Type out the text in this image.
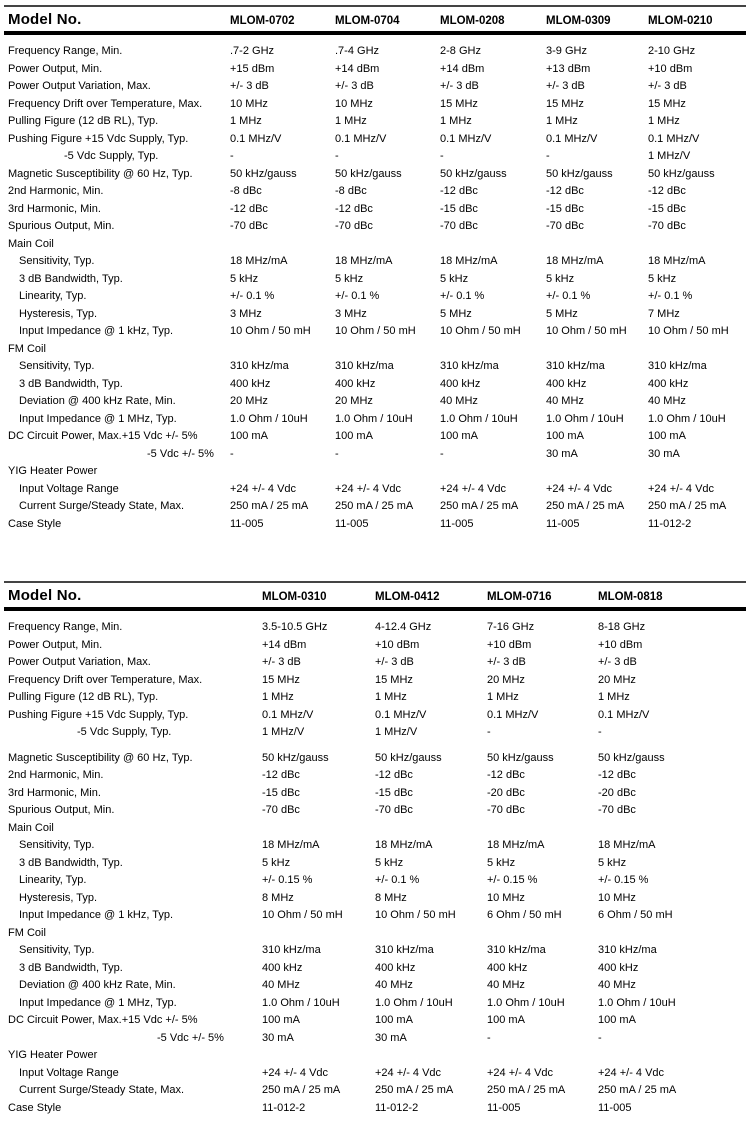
Model No.	MLOM-0702	MLOM-0704	MLOM-0208	MLOM-0309	MLOM-0210
Frequency Range, Min.	.7-2 GHz	.7-4 GHz	2-8 GHz	3-9 GHz	2-10 GHz
Power Output, Min.	+15 dBm	+14 dBm	+14 dBm	+13 dBm	+10 dBm
Power Output Variation, Max.	+/- 3 dB	+/- 3 dB	+/- 3 dB	+/- 3 dB	+/- 3 dB
Frequency Drift over Temperature, Max.	10 MHz	10 MHz	15 MHz	15 MHz	15 MHz
Pulling Figure (12 dB RL), Typ.	1 MHz	1 MHz	1 MHz	1 MHz	1 MHz
Pushing Figure +15 Vdc Supply, Typ.	0.1 MHz/V	0.1 MHz/V	0.1 MHz/V	0.1 MHz/V	0.1 MHz/V
-5 Vdc Supply, Typ.	-	-	-	-	1 MHz/V
Magnetic Susceptibility @ 60 Hz, Typ.	50 kHz/gauss	50 kHz/gauss	50 kHz/gauss	50 kHz/gauss	50 kHz/gauss
2nd Harmonic, Min.	-8 dBc	-8 dBc	-12 dBc	-12 dBc	-12 dBc
3rd Harmonic, Min.	-12 dBc	-12 dBc	-15 dBc	-15 dBc	-15 dBc
Spurious Output, Min.	-70 dBc	-70 dBc	-70 dBc	-70 dBc	-70 dBc
Main Coil
Sensitivity, Typ.	18 MHz/mA	18 MHz/mA	18 MHz/mA	18 MHz/mA	18 MHz/mA
3 dB Bandwidth, Typ.	5 kHz	5 kHz	5 kHz	5 kHz	5 kHz
Linearity, Typ.	+/- 0.1 %	+/- 0.1 %	+/- 0.1 %	+/- 0.1 %	+/- 0.1 %
Hysteresis, Typ.	3 MHz	3 MHz	5 MHz	5 MHz	7 MHz
Input Impedance @ 1 kHz, Typ.	10 Ohm / 50 mH	10 Ohm / 50 mH	10 Ohm / 50 mH	10 Ohm / 50 mH	10 Ohm / 50 mH
FM Coil
Sensitivity, Typ.	310 kHz/ma	310 kHz/ma	310 kHz/ma	310 kHz/ma	310 kHz/ma
3 dB Bandwidth, Typ.	400 kHz	400 kHz	400 kHz	400 kHz	400 kHz
Deviation @ 400 kHz Rate, Min.	20 MHz	20 MHz	40 MHz	40 MHz	40 MHz
Input Impedance @ 1 MHz, Typ.	1.0 Ohm / 10uH	1.0 Ohm / 10uH	1.0 Ohm / 10uH	1.0 Ohm / 10uH	1.0 Ohm / 10uH
DC Circuit Power, Max.+15 Vdc +/- 5%	100 mA	100 mA	100 mA	100 mA	100 mA
-5 Vdc +/- 5%	-	-	-	30 mA	30 mA
YIG Heater Power
Input Voltage Range	+24 +/- 4 Vdc	+24 +/- 4 Vdc	+24 +/- 4 Vdc	+24 +/- 4 Vdc	+24 +/- 4 Vdc
Current Surge/Steady State, Max.	250 mA / 25 mA	250 mA / 25 mA	250 mA / 25 mA	250 mA / 25 mA	250 mA / 25 mA
Case Style	11-005	11-005	11-005	11-005	11-012-2
Model No.	MLOM-0310	MLOM-0412	MLOM-0716	MLOM-0818
Frequency Range, Min.	3.5-10.5 GHz	4-12.4 GHz	7-16 GHz	8-18 GHz
Power Output, Min.	+14 dBm	+10 dBm	+10 dBm	+10 dBm
Power Output Variation, Max.	+/- 3 dB	+/- 3 dB	+/- 3 dB	+/- 3 dB
Frequency Drift over Temperature, Max.	15 MHz	15 MHz	20 MHz	20 MHz
Pulling Figure (12 dB RL), Typ.	1 MHz	1 MHz	1 MHz	1 MHz
Pushing Figure +15 Vdc Supply, Typ.	0.1 MHz/V	0.1 MHz/V	0.1 MHz/V	0.1 MHz/V
-5 Vdc Supply, Typ.	1 MHz/V	1 MHz/V	-	-
Magnetic Susceptibility @ 60 Hz, Typ.	50 kHz/gauss	50 kHz/gauss	50 kHz/gauss	50 kHz/gauss
2nd Harmonic, Min.	-12 dBc	-12 dBc	-12 dBc	-12 dBc
3rd Harmonic, Min.	-15 dBc	-15 dBc	-20 dBc	-20 dBc
Spurious Output, Min.	-70 dBc	-70 dBc	-70 dBc	-70 dBc
Main Coil
Sensitivity, Typ.	18 MHz/mA	18 MHz/mA	18 MHz/mA	18 MHz/mA
3 dB Bandwidth, Typ.	5 kHz	5 kHz	5 kHz	5 kHz
Linearity, Typ.	+/- 0.15 %	+/- 0.1 %	+/- 0.15 %	+/- 0.15 %
Hysteresis, Typ.	8 MHz	8 MHz	10 MHz	10 MHz
Input Impedance @ 1 kHz, Typ.	10 Ohm / 50 mH	10 Ohm / 50 mH	6 Ohm / 50 mH	6 Ohm / 50 mH
FM Coil
Sensitivity, Typ.	310 kHz/ma	310 kHz/ma	310 kHz/ma	310 kHz/ma
3 dB Bandwidth, Typ.	400 kHz	400 kHz	400 kHz	400 kHz
Deviation @ 400 kHz Rate, Min.	40 MHz	40 MHz	40 MHz	40 MHz
Input Impedance @ 1 MHz, Typ.	1.0 Ohm / 10uH	1.0 Ohm / 10uH	1.0 Ohm / 10uH	1.0 Ohm / 10uH
DC Circuit Power, Max.+15 Vdc +/- 5%	100 mA	100 mA	100 mA	100 mA
-5 Vdc +/- 5%	30 mA	30 mA	-	-
YIG Heater Power
Input Voltage Range	+24 +/- 4 Vdc	+24 +/- 4 Vdc	+24 +/- 4 Vdc	+24 +/- 4 Vdc
Current Surge/Steady State, Max.	250 mA / 25 mA	250 mA / 25 mA	250 mA / 25 mA	250 mA / 25 mA
Case Style	11-012-2	11-012-2	11-005	11-005
